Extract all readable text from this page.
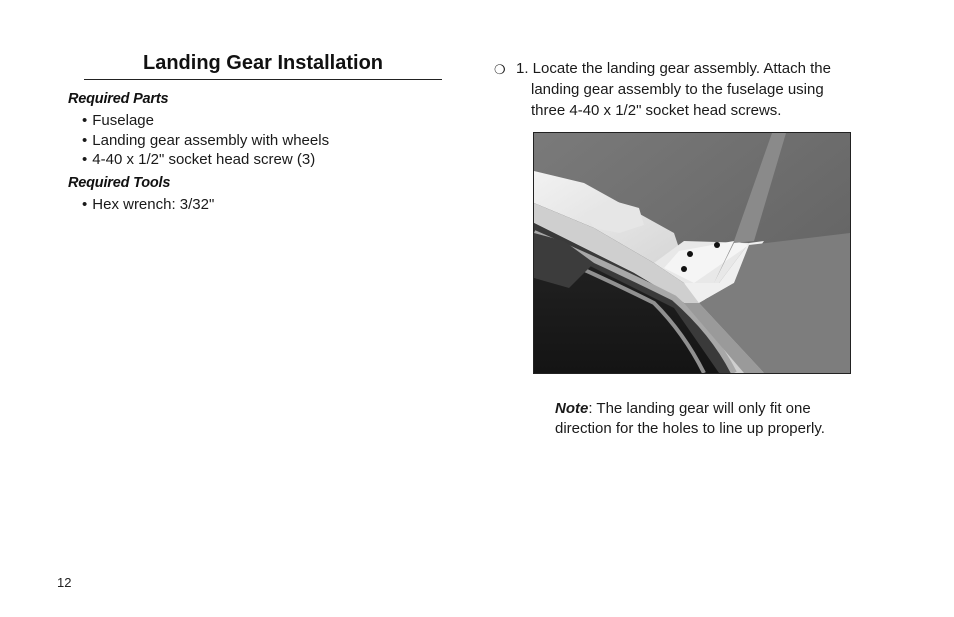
Landing Gear Installation
Required Parts
• Fuselage
• Landing gear assembly with wheels
• 4-40 x 1/2" socket head screw (3)
Required Tools
• Hex wrench: 3/32"
❍ 1. Locate the landing gear assembly. Attach the
landing gear assembly to the fuselage using
three 4-40 x 1/2" socket head screws.
Note: The landing gear will only fit one direction for the holes to line up properly.
12
